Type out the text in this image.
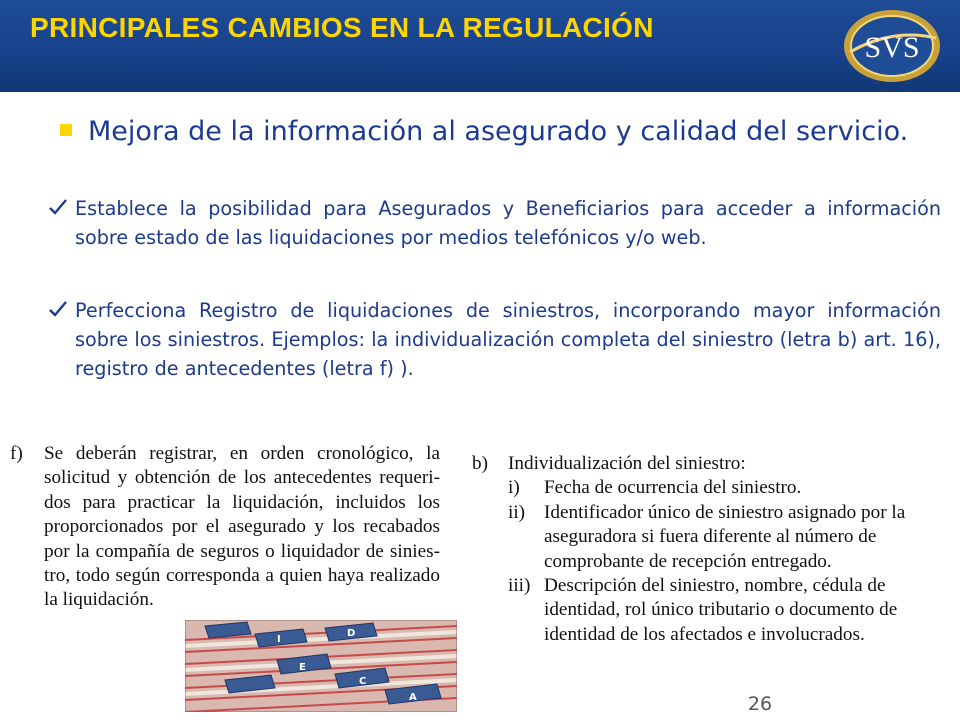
PRINCIPALES CAMBIOS EN LA REGULACIÓN
SVS
Mejora de la información al asegurado y calidad del servicio.
Establece la posibilidad para Asegurados y Beneficiarios para acceder a información sobre estado de las liquidaciones por medios telefónicos y/o web.
Perfecciona Registro de liquidaciones de siniestros, incorporando mayor información sobre los siniestros. Ejemplos: la individualización completa del siniestro (letra b) art. 16), registro de antecedentes (letra f) ).
f) Se deberán registrar, en orden cronológico, la solicitud y obtención de los antecedentes requeri-dos para practicar la liquidación, incluidos los proporcionados por el asegurado y los recabados por la compañía de seguros o liquidador de sinies-tro, todo según corresponda a quien haya realizado la liquidación.
b) Individualización del siniestro:
i) Fecha de ocurrencia del siniestro.
ii) Identificador único de siniestro asignado por la aseguradora si fuera diferente al número de comprobante de recepción entregado.
iii) Descripción del siniestro, nombre, cédula de identidad, rol único tributario o documento de identidad de los afectados e involucrados.
I
D
E
C
A	26
